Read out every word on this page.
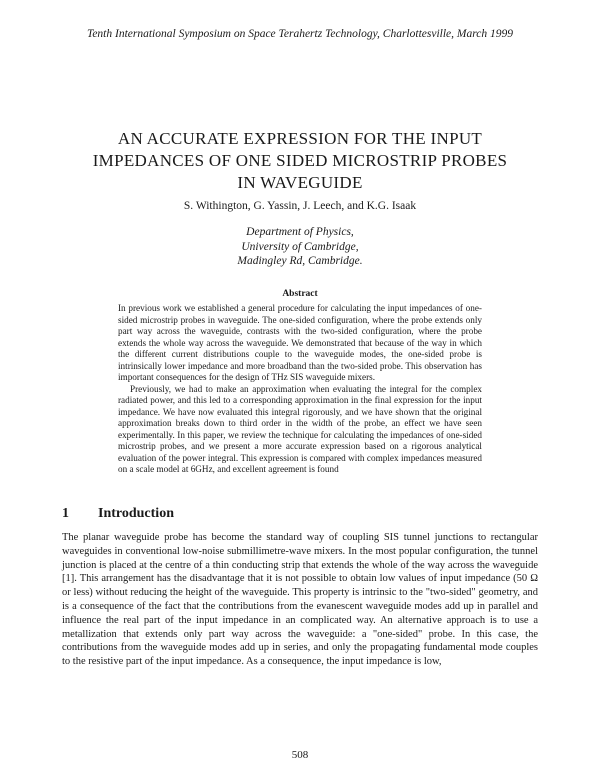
Tenth International Symposium on Space Terahertz Technology, Charlottesville, March 1999
AN ACCURATE EXPRESSION FOR THE INPUT
IMPEDANCES OF ONE SIDED MICROSTRIP PROBES
IN WAVEGUIDE
S. Withington, G. Yassin, J. Leech, and K.G. Isaak
Department of Physics,
University of Cambridge,
Madingley Rd, Cambridge.
Abstract

In previous work we established a general procedure for calculating the input impedances of one-sided microstrip probes in waveguide. The one-sided configuration, where the probe extends only part way across the waveguide, contrasts with the two-sided configuration, where the probe extends the whole way across the waveguide. We demonstrated that because of the way in which the different current distributions couple to the waveguide modes, the one-sided probe is intrinsically lower impedance and more broadband than the two-sided probe. This observation has important consequences for the design of THz SIS waveguide mixers.

Previously, we had to make an approximation when evaluating the integral for the complex radiated power, and this led to a corresponding approximation in the final expression for the input impedance. We have now evaluated this integral rigorously, and we have shown that the original approximation breaks down to third order in the width of the probe, an effect we have seen experimentally. In this paper, we review the technique for calculating the impedances of one-sided microstrip probes, and we present a more accurate expression based on a rigorous analytical evaluation of the power integral. This expression is compared with complex impedances measured on a scale model at 6GHz, and excellent agreement is found

1 Introduction

The planar waveguide probe has become the standard way of coupling SIS tunnel junctions to rectangular waveguides in conventional low-noise submillimetre-wave mixers. In the most popular configuration, the tunnel junction is placed at the centre of a thin conducting strip that extends the whole of the way across the waveguide [1]. This arrangement has the disadvantage that it is not possible to obtain low values of input impedance (50 Ω or less) without reducing the height of the waveguide. This property is intrinsic to the "two-sided" geometry, and is a consequence of the fact that the contributions from the evanescent waveguide modes add up in parallel and influence the real part of the input impedance in an complicated way. An alternative approach is to use a metallization that extends only part way across the waveguide: a "one-sided" probe. In this case, the contributions from the waveguide modes add up in series, and only the propagating fundamental mode couples to the resistive part of the input impedance. As a consequence, the input impedance is low,

508
